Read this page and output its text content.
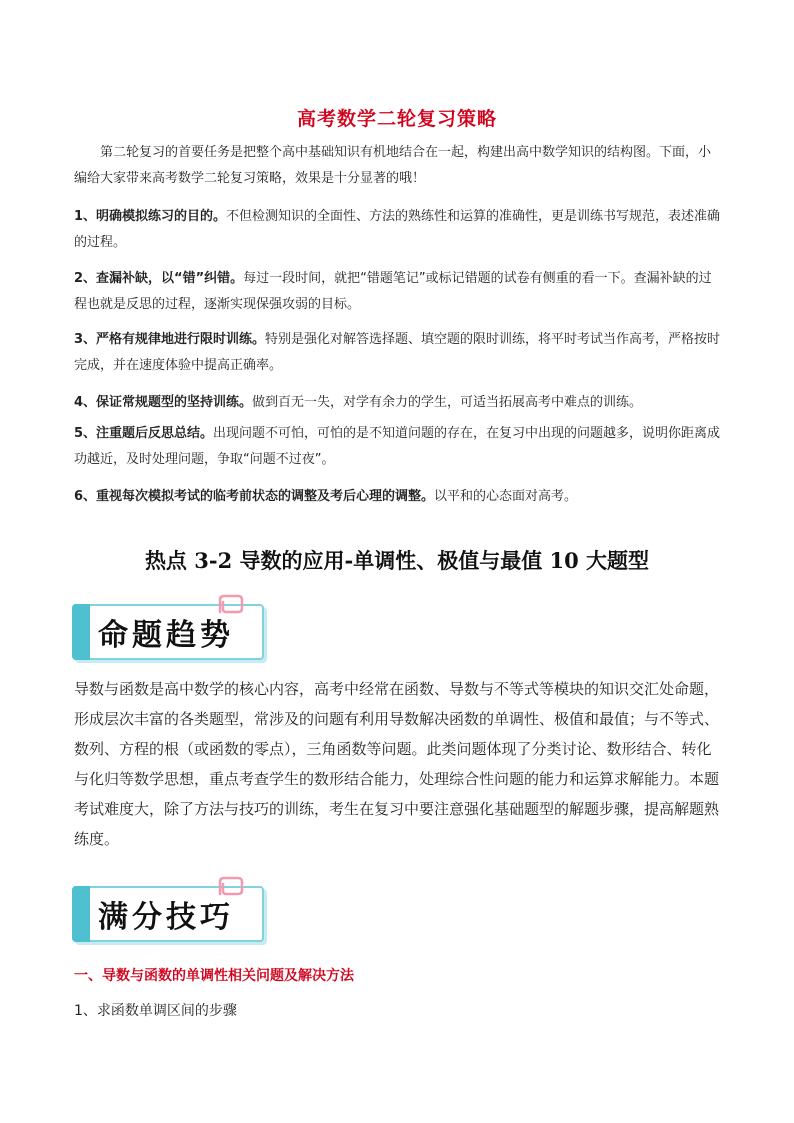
高考数学二轮复习策略
　　第二轮复习的首要任务是把整个高中基础知识有机地结合在一起，构建出高中数学知识的结构图。下面，小编给大家带来高考数学二轮复习策略，效果是十分显著的哦！
1、明确模拟练习的目的。不但检测知识的全面性、方法的熟练性和运算的准确性，更是训练书写规范，表述准确的过程。
2、查漏补缺，以“错”纠错。每过一段时间，就把“错题笔记”或标记错题的试卷有侧重的看一下。查漏补缺的过程也就是反思的过程，逐渐实现保强攻弱的目标。
3、严格有规律地进行限时训练。特别是强化对解答选择题、填空题的限时训练，将平时考试当作高考，严格按时完成，并在速度体验中提高正确率。
4、保证常规题型的坚持训练。做到百无一失，对学有余力的学生，可适当拓展高考中难点的训练。
5、注重题后反思总结。出现问题不可怕，可怕的是不知道问题的存在，在复习中出现的问题越多，说明你距离成功越近，及时处理问题，争取“问题不过夜”。
6、重视每次模拟考试的临考前状态的调整及考后心理的调整。以平和的心态面对高考。
热点 3-2 导数的应用-单调性、极值与最值 10 大题型
命题趋势
导数与函数是高中数学的核心内容，高考中经常在函数、导数与不等式等模块的知识交汇处命题，形成层次丰富的各类题型，常涉及的问题有利用导数解决函数的单调性、极值和最值；与不等式、数列、方程的根（或函数的零点），三角函数等问题。此类问题体现了分类讨论、数形结合、转化与化归等数学思想，重点考查学生的数形结合能力，处理综合性问题的能力和运算求解能力。本题考试难度大，除了方法与技巧的训练，考生在复习中要注意强化基础题型的解题步骤，提高解题熟练度。
满分技巧
一、导数与函数的单调性相关问题及解决方法
1、求函数单调区间的步骤
